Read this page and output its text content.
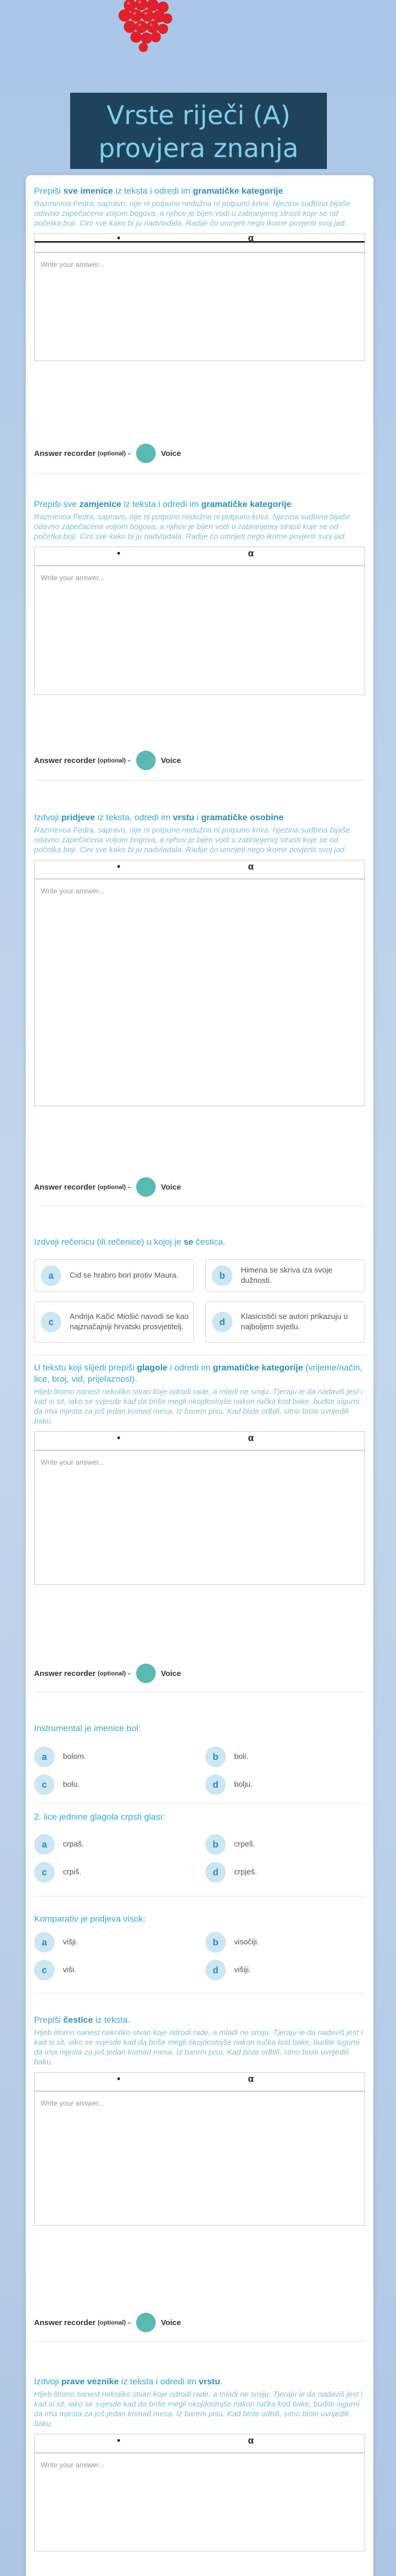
Vrste riječi (A) provjera znanja
Prepiši sve imenice iz teksta i odredi im gramatičke kategorije
Razmevoa Fedra, sapravo, nije ni potpuno nedužna ni potpuno kriva. Njezina sudbina bijaše odavno zapečaćena voljom bogova, a njihov je bijen vodi u zabranjenoj strasti koje se od početka boji. Cini sve kako bi ju nadvladala. Radije ćo umrijeti nego ikome povjeriti svoj jad.
•	α
Write your answer...
Answer recorder
(optional) –	Voice
Prepiši sve zamjenice iz teksta i odredi im gramatičke kategorije
Razmevoa Fedra, sapravo, nije ni potpuno nedužna ni potpuno kriva. Njezina sudbina bijaše odavno zapečaćena voljom bogova, a njihov je bijen vodi u zabranjenoj strasti koje se od početka boji. Cini sve kako bi ju nadvladala. Radije ćo umrijeti nego ikome povjeriti svoj jad.
•	α
Write your answer...
Answer recorder
(optional) –	Voice
Izdvoji pridjeve iz teksta, odredi im vrstu i gramatičke osobine
Razmevoa Fedra, sapravo, nije ni potpuno nedužna ni potpuno kriva. Njezina sudbina bijaše odavno zapečaćena voljom bogova, a njihov je bijen vodi u zabranjenoj strasti koje se od početka boji. Cini sve kako bi ju nadvladala. Radije ćo umrijeti nego ikome povjeriti svoj jad.
•	α
Write your answer...
Answer recorder
(optional) –	Voice
Izdvoji rečenicu (ili rečenice) u kojoj je se čestica.
a	Cid se hrabro bori protiv Maura.	b	Himena se skriva iza svoje dužnosti.
c	Andrija Kačić Miošić navodi se kao najznačajniji hrvatski prosvjetitelj.	d	Klasicističi se autori prikazuju u najboljem svjetlu.
U tekstu koji slijedi prepiši glagole i odredi im gramatičke kategorije (vrijeme/način, lice, broj, vid, prijelaznost).
Hljeb litomo nanest nekoliko stvari koje odrodi rade, a mladi ne smiju. Tjeraju ie da nadaviš jest i kad si sit, iako se svjesde kad da briše megli nkojdostojše nakon ručka kod bake, budite sigurni da ima mjesta za još jedan komad mesa. Iz barem pisu. Kad biste odbili, sitno biste uvrijedili baku.
•	α
Write your answer...
Answer recorder
(optional) –	Voice
Instrumental je imenice bol:
a	bolom.	b	boli.
c	bolu.	d	bolju.
2. lice jednine glagola crpsti glasi:
a	crpaš.	b	crpeš.
c	crpiš.	d	crpješ.
Komparativ je pridjeva visok:
a	višji.	b	visočiji.
c	viši.	d	višiji.
Prepiši čestice iz teksta.
Hljeb litomo nanest nekoliko stvari koje odrodi rade, a mladi ne smiju. Tjeraju ie da nadaviš jest i kad si sit, iako se svjesde kad da briše megli nkojdostojše nakon ručka kod bake, budite sigurni da ima mjesta za još jedan komad mesa. Iz barem pisu. Kad biste odbili, sitno biste uvrijedili baku.
•	α
Write your answer...
Answer recorder
(optional) –	Voice
Izdvoji prave veznike iz teksta i odredi im vrstu.
Hljeb litomo nanest nekoliko stvari koje odrodi rade, a mladi ne smiju. Tjeraju ie da nadaviš jest i kad si sit, iako se svjesde kad da briše megli nkojdostojše nakon ručka kod bake, budite sigurni da ima mjesta za još jedan komad mesa. Iz barem pisu. Kad biste odbili, sitno biste uvrijedili baku.
•	α
Write your answer...
